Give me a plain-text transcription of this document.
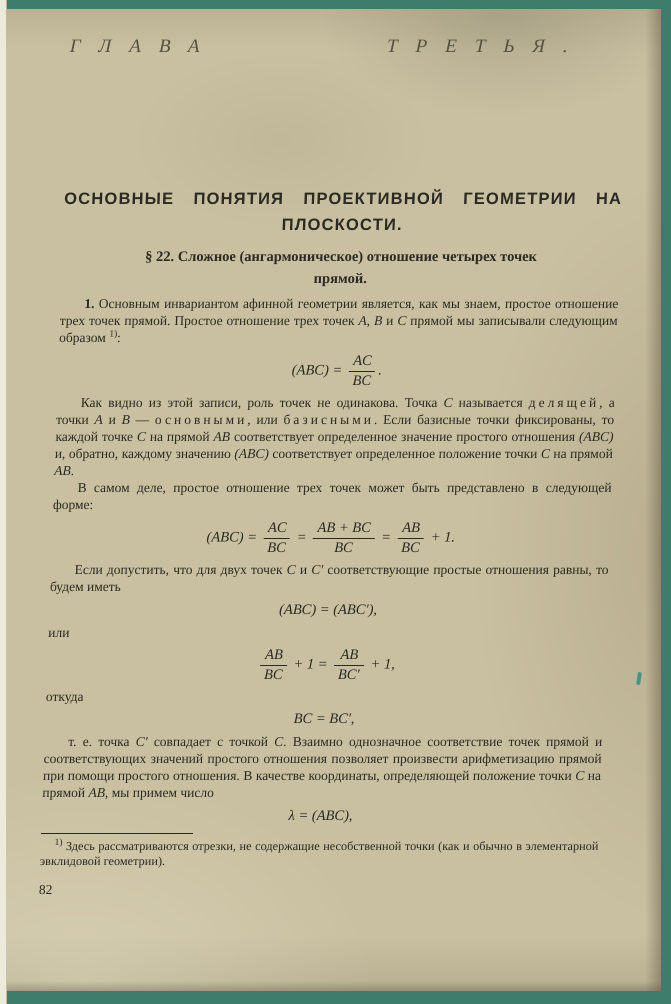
ГЛАВА	ТРЕТЬЯ.
ОСНОВНЫЕ ПОНЯТИЯ ПРОЕКТИВНОЙ ГЕОМЕТРИИ НА
ПЛОСКОСТИ.
§ 22. Сложное (ангармоническое) отношение четырех точек
прямой.

1. Основным инвариантом афинной геометрии является, как мы знаем, простое отношение трех точек прямой. Простое отношение трех точек A, B и C прямой мы записывали следующим образом $^{1)}$:

$(ABC) = \frac{AC}{BC}$ .

Как видно из этой записи, роль точек не одинакова. Точка C называется делящей, а точки A и B — основными, или базисными. Если базисные точки фиксированы, то каждой точке C на прямой AB соответствует определенное значение простого отношения (ABC) и, обратно, каждому значению (ABC) соответствует определенное положение точки C на прямой AB.

В самом деле, простое отношение трех точек может быть представлено в следующей форме:

$(ABC) = \frac{AC}{BC} = \frac{AB + BC}{BC} = \frac{AB}{BC} + 1$.

Если допустить, что для двух точек C и C′ соответствующие простые отношения равны, то будем иметь

(ABC) = (ABC′),

или

$\frac{AB}{BC} + 1 = \frac{AB}{BC'} + 1$,

откуда

BC = BC′,

т. е. точка C′ совпадает с точкой C. Взаимно однозначное соответствие точек прямой и соответствующих значений простого отношения позволяет произвести арифметизацию прямой при помощи простого отношения. В качестве координаты, определяющей положение точки C на прямой AB, мы примем число

λ = (ABC),

$^{1)}$ Здесь рассматриваются отрезки, не содержащие несобственной точки (как и обычно в элементарной эвклидовой геометрии).

82
